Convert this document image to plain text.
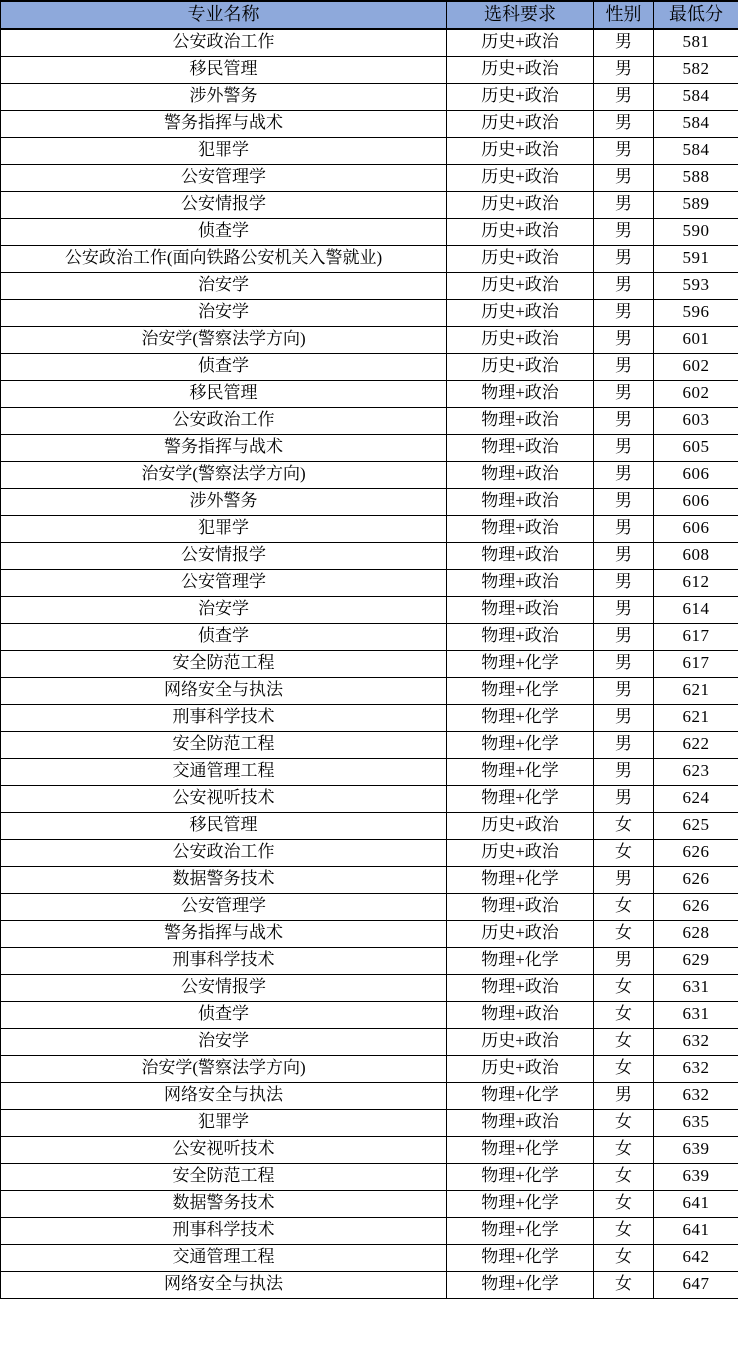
专业名称	选科要求	性别	最低分
公安政治工作	历史+政治	男	581
移民管理	历史+政治	男	582
涉外警务	历史+政治	男	584
警务指挥与战术	历史+政治	男	584
犯罪学	历史+政治	男	584
公安管理学	历史+政治	男	588
公安情报学	历史+政治	男	589
侦查学	历史+政治	男	590
公安政治工作(面向铁路公安机关入警就业)	历史+政治	男	591
治安学	历史+政治	男	593
治安学	历史+政治	男	596
治安学(警察法学方向)	历史+政治	男	601
侦查学	历史+政治	男	602
移民管理	物理+政治	男	602
公安政治工作	物理+政治	男	603
警务指挥与战术	物理+政治	男	605
治安学(警察法学方向)	物理+政治	男	606
涉外警务	物理+政治	男	606
犯罪学	物理+政治	男	606
公安情报学	物理+政治	男	608
公安管理学	物理+政治	男	612
治安学	物理+政治	男	614
侦查学	物理+政治	男	617
安全防范工程	物理+化学	男	617
网络安全与执法	物理+化学	男	621
刑事科学技术	物理+化学	男	621
安全防范工程	物理+化学	男	622
交通管理工程	物理+化学	男	623
公安视听技术	物理+化学	男	624
移民管理	历史+政治	女	625
公安政治工作	历史+政治	女	626
数据警务技术	物理+化学	男	626
公安管理学	物理+政治	女	626
警务指挥与战术	历史+政治	女	628
刑事科学技术	物理+化学	男	629
公安情报学	物理+政治	女	631
侦查学	物理+政治	女	631
治安学	历史+政治	女	632
治安学(警察法学方向)	历史+政治	女	632
网络安全与执法	物理+化学	男	632
犯罪学	物理+政治	女	635
公安视听技术	物理+化学	女	639
安全防范工程	物理+化学	女	639
数据警务技术	物理+化学	女	641
刑事科学技术	物理+化学	女	641
交通管理工程	物理+化学	女	642
网络安全与执法	物理+化学	女	647
